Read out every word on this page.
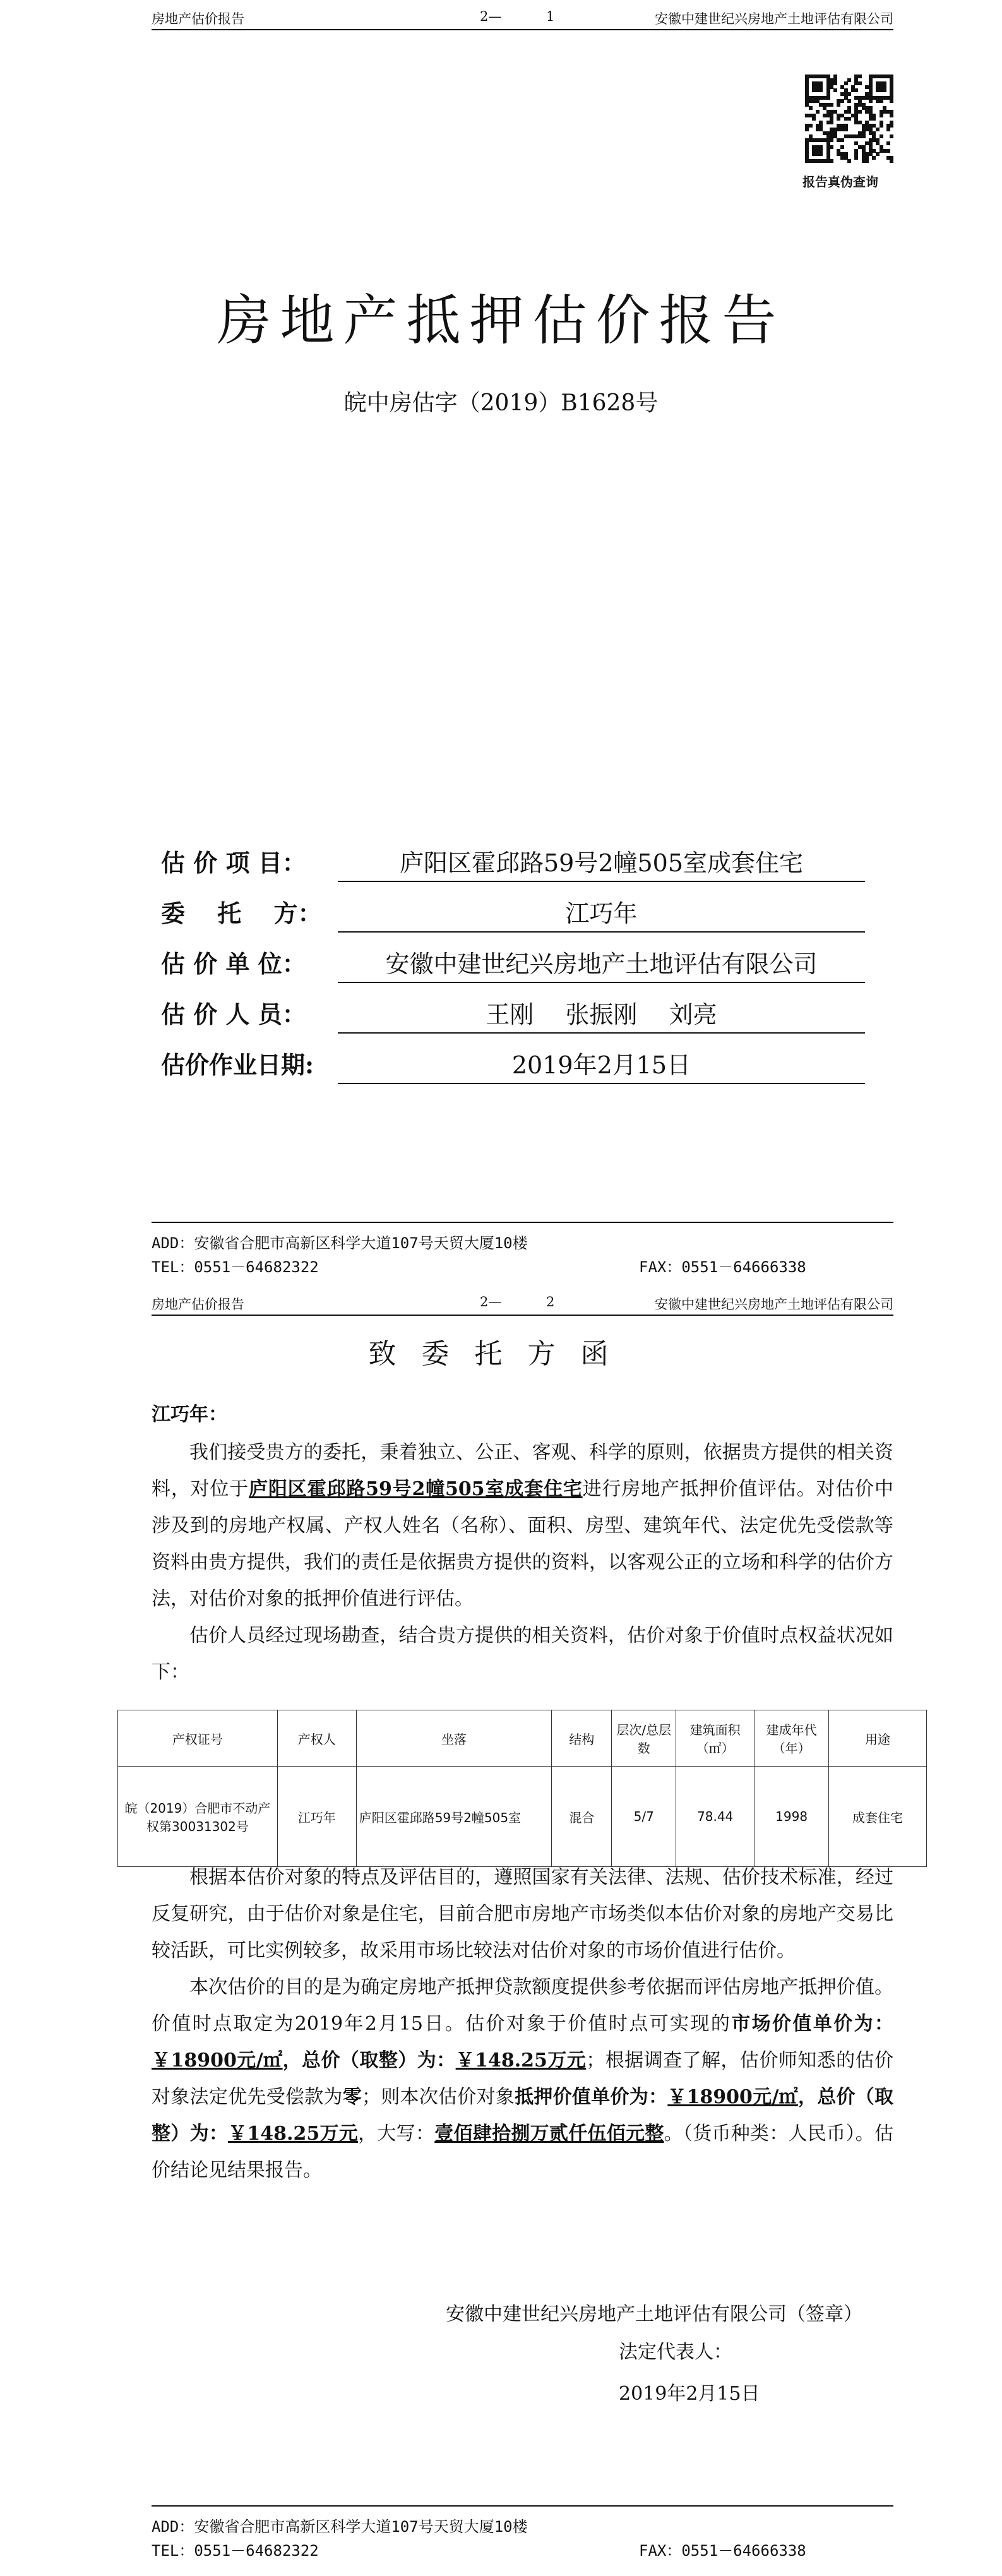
房地产估价报告	2—	1	安徽中建世纪兴房地产土地评估有限公司
报告真伪查询
房地产抵押估价报告
皖中房估字（2019）B1628号
估 价 项 目：	庐阳区霍邱路59号2幢505室成套住宅
委　 托　 方：	江巧年
估 价 单 位：	安徽中建世纪兴房地产土地评估有限公司
估 价 人 员：	王刚　 张振刚　 刘亮
估价作业日期:	2019年2月15日
ADD：安徽省合肥市高新区科学大道107号天贸大厦10楼
TEL：0551－64682322	FAX：0551－64666338
房地产估价报告	2—	2	安徽中建世纪兴房地产土地评估有限公司
致委托方函
江巧年：

我们接受贵方的委托，秉着独立、公正、客观、科学的原则，依据贵方提供的相关资料，对位于庐阳区霍邱路59号2幢505室成套住宅进行房地产抵押价值评估。对估价中涉及到的房地产权属、产权人姓名（名称）、面积、房型、建筑年代、法定优先受偿款等资料由贵方提供，我们的责任是依据贵方提供的资料，以客观公正的立场和科学的估价方法，对估价对象的抵押价值进行评估。

估价人员经过现场勘查，结合贵方提供的相关资料，估价对象于价值时点权益状况如下：

产权证号	产权人	坐落	结构	层次/总层数	建筑面积（㎡）	建成年代（年）	用途
皖（2019）合肥市不动产权第30031302号	江巧年	庐阳区霍邱路59号2幢505室	混合	5/7	78.44	1998	成套住宅

根据本估价对象的特点及评估目的，遵照国家有关法律、法规、估价技术标准，经过反复研究，由于估价对象是住宅，目前合肥市房地产市场类似本估价对象的房地产交易比较活跃，可比实例较多，故采用市场比较法对估价对象的市场价值进行估价。

本次估价的目的是为确定房地产抵押贷款额度提供参考依据而评估房地产抵押价值。价值时点取定为2019年2月15日。估价对象于价值时点可实现的市场价值单价为：￥18900元/㎡，总价（取整）为：￥148.25万元；根据调查了解，估价师知悉的估价对象法定优先受偿款为零；则本次估价对象抵押价值单价为：￥18900元/㎡，总价（取整）为：￥148.25万元，大写：壹佰肆拾捌万贰仟伍佰元整。（货币种类：人民币）。估价结论见结果报告。

安徽中建世纪兴房地产土地评估有限公司（签章）
法定代表人：
2019年2月15日
ADD：安徽省合肥市高新区科学大道107号天贸大厦10楼
TEL：0551－64682322	FAX：0551－64666338
